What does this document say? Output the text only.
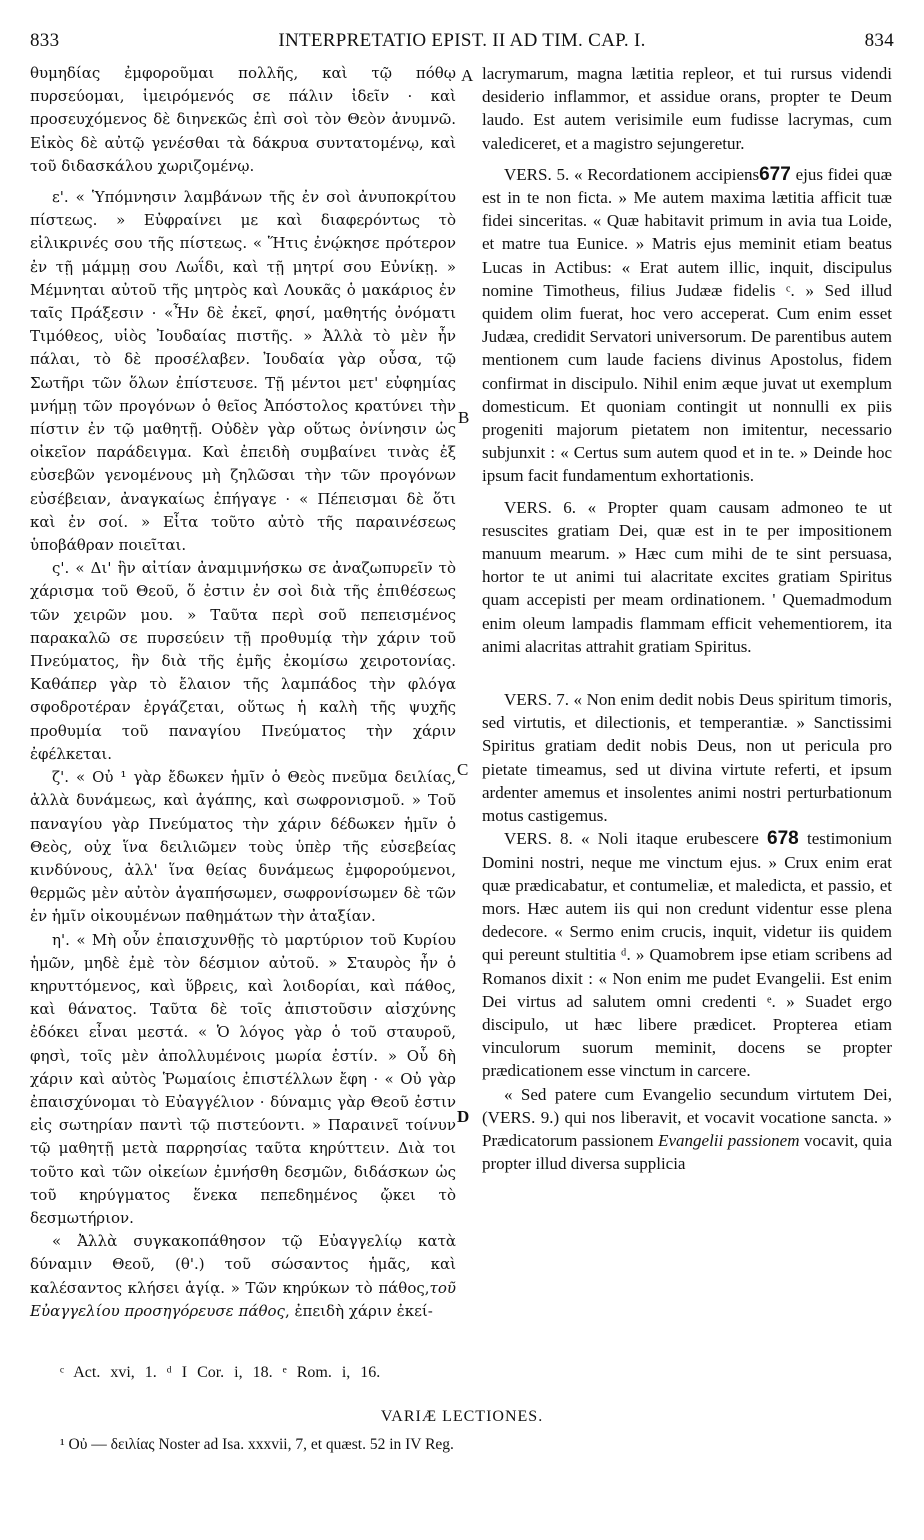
833	INTERPRETATIO EPIST. II AD TIM. CAP. I.	834

θυμηδίας ἐμφοροῦμαι πολλῆς, καὶ τῷ πόθῳ πυρσεύομαι, ἱμειρόμενός σε πάλιν ἰδεῖν · καὶ προσευχόμενος δὲ διηνεκῶς ἐπὶ σοὶ τὸν Θεὸν ἀνυμνῶ. Εἰκὸς δὲ αὐτῷ γενέσθαι τὰ δάκρυα συντατομένῳ, καὶ τοῦ διδασκάλου χωριζομένῳ.

ε'. « Ὑπόμνησιν λαμβάνων τῆς ἐν σοὶ ἀνυποκρίτου πίστεως. » Εὐφραίνει με καὶ διαφερόντως τὸ εἰλικρινές σου τῆς πίστεως. « Ἥτις ἐνῴκησε πρότερον ἐν τῇ μάμμῃ σου Λωΐδι, καὶ τῇ μητρί σου Εὐνίκῃ. » Μέμνηται αὐτοῦ τῆς μητρὸς καὶ Λουκᾶς ὁ μακάριος ἐν ταῖς Πράξεσιν · «Ἦν δὲ ἐκεῖ, φησί, μαθητής ὀνόματι Τιμόθεος, υἱὸς Ἰουδαίας πιστῆς. » Ἀλλὰ τὸ μὲν ἦν πάλαι, τὸ δὲ προσέλαβεν. Ἰουδαία γὰρ οὖσα, τῷ Σωτῆρι τῶν ὅλων ἐπίστευσε. Τῇ μέντοι μετ' εὐφημίας μνήμῃ τῶν προγόνων ὁ θεῖος Ἀπόστολος κρατύνει τὴν πίστιν ἐν τῷ μαθητῇ. Οὐδὲν γὰρ οὕτως ὀνίνησιν ὡς οἰκεῖον παράδειγμα. Καὶ ἐπειδὴ συμβαίνει τινὰς ἐξ εὐσεβῶν γενομένους μὴ ζηλῶσαι τὴν τῶν προγόνων εὐσέβειαν, ἀναγκαίως ἐπήγαγε · « Πέπεισμαι δὲ ὅτι καὶ ἐν σοί. » Εἶτα τοῦτο αὐτὸ τῆς παραινέσεως ὑποβάθραν ποιεῖται.

ς'. « Δι' ἣν αἰτίαν ἀναμιμνήσκω σε ἀναζωπυρεῖν τὸ χάρισμα τοῦ Θεοῦ, ὅ ἐστιν ἐν σοὶ διὰ τῆς ἐπιθέσεως τῶν χειρῶν μου. » Ταῦτα περὶ σοῦ πεπεισμένος παρακαλῶ σε πυρσεύειν τῇ προθυμίᾳ τὴν χάριν τοῦ Πνεύματος, ἣν διὰ τῆς ἐμῆς ἐκομίσω χειροτονίας. Καθάπερ γὰρ τὸ ἔλαιον τῆς λαμπάδος τὴν φλόγα σφοδροτέραν ἐργάζεται, οὕτως ἡ καλὴ τῆς ψυχῆς προθυμία τοῦ παναγίου Πνεύματος τὴν χάριν ἐφέλκεται.

ζ'. « Οὐ ¹ γὰρ ἔδωκεν ἡμῖν ὁ Θεὸς πνεῦμα δειλίας, ἀλλὰ δυνάμεως, καὶ ἀγάπης, καὶ σωφρονισμοῦ. » Τοῦ παναγίου γὰρ Πνεύματος τὴν χάριν δέδωκεν ἡμῖν ὁ Θεὸς, οὐχ ἵνα δειλιῶμεν τοὺς ὑπὲρ τῆς εὐσεβείας κινδύνους, ἀλλ' ἵνα θείας δυνάμεως ἐμφορούμενοι, θερμῶς μὲν αὐτὸν ἀγαπήσωμεν, σωφρονίσωμεν δὲ τῶν ἐν ἡμῖν οἰκουμένων παθημάτων τὴν ἀταξίαν.

η'. « Μὴ οὖν ἐπαισχυνθῇς τὸ μαρτύριον τοῦ Κυρίου ἡμῶν, μηδὲ ἐμὲ τὸν δέσμιον αὐτοῦ. » Σταυρὸς ἦν ὁ κηρυττόμενος, καὶ ὕβρεις, καὶ λοιδορίαι, καὶ πάθος, καὶ θάνατος. Ταῦτα δὲ τοῖς ἀπιστοῦσιν αἰσχύνης ἐδόκει εἶναι μεστά. « Ὁ λόγος γὰρ ὁ τοῦ σταυροῦ, φησὶ, τοῖς μὲν ἀπολλυμένοις μωρία ἐστίν. » Οὗ δὴ χάριν καὶ αὐτὸς Ῥωμαίοις ἐπιστέλλων ἔφη · « Οὐ γὰρ ἐπαισχύνομαι τὸ Εὐαγγέλιον · δύναμις γὰρ Θεοῦ ἐστιν εἰς σωτηρίαν παντὶ τῷ πιστεύοντι. » Παραινεῖ τοίνυν τῷ μαθητῇ μετὰ παρρησίας ταῦτα κηρύττειν. Διὰ τοι τοῦτο καὶ τῶν οἰκείων ἐμνήσθη δεσμῶν, διδάσκων ὡς τοῦ κηρύγματος ἕνεκα πεπεδημένος ᾤκει τὸ δεσμωτήριον.

« Ἀλλὰ συγκακοπάθησον τῷ Εὐαγγελίῳ κατὰ δύναμιν Θεοῦ, (θ'.) τοῦ σώσαντος ἡμᾶς, καὶ καλέσαντος κλήσει ἁγίᾳ. » Τῶν κηρύκων τὸ πάθος,τοῦ Εὐαγγελίου προσηγόρευσε πάθος, ἐπειδὴ χάριν ἐκεί-

A
B
C
D

lacrymarum, magna lætitia repleor, et tui rursus videndi desiderio inflammor, et assidue orans, propter te Deum laudo. Est autem verisimile eum fudisse lacrymas, cum valediceret, et a magistro sejungeretur.

VERS. 5. « Recordationem accipiens677 ejus fidei quæ est in te non ficta. » Me autem maxima lætitia afficit tuæ fidei sinceritas. « Quæ habitavit primum in avia tua Loide, et matre tua Eunice. » Matris ejus meminit etiam beatus Lucas in Actibus: « Erat autem illic, inquit, discipulus nomine Timotheus, filius Judææ fidelis ᶜ. » Sed illud quidem olim fuerat, hoc vero acceperat. Cum enim esset Judæa, credidit Servatori universorum. De parentibus autem mentionem cum laude faciens divinus Apostolus, fidem confirmat in discipulo. Nihil enim æque juvat ut exemplum domesticum. Et quoniam contingit ut nonnulli ex piis progeniti majorum pietatem non imitentur, necessario subjunxit : « Certus sum autem quod et in te. » Deinde hoc ipsum facit fundamentum exhortationis.

VERS. 6. « Propter quam causam admoneo te ut resuscites gratiam Dei, quæ est in te per impositionem manuum mearum. » Hæc cum mihi de te sint persuasa, hortor te ut animi tui alacritate excites gratiam Spiritus quam accepisti per meam ordinationem. ' Quemadmodum enim oleum lampadis flammam efficit vehementiorem, ita animi alacritas attrahit gratiam Spiritus.

VERS. 7. « Non enim dedit nobis Deus spiritum timoris, sed virtutis, et dilectionis, et temperantiæ. » Sanctissimi Spiritus gratiam dedit nobis Deus, non ut pericula pro pietate timeamus, sed ut divina virtute referti, et ipsum ardenter amemus et insolentes animi nostri perturbationum motus castigemus.

VERS. 8. « Noli itaque erubescere 678 testimonium Domini nostri, neque me vinctum ejus. » Crux enim erat quæ prædicabatur, et contumeliæ, et maledicta, et passio, et mors. Hæc autem iis qui non credunt videntur esse plena dedecore. « Sermo enim crucis, inquit, videtur iis quidem qui pereunt stultitia ᵈ. » Quamobrem ipse etiam scribens ad Romanos dixit : « Non enim me pudet Evangelii. Est enim Dei virtus ad salutem omni credenti ᵉ. » Suadet ergo discipulo, ut hæc libere prædicet. Propterea etiam vinculorum suorum meminit, docens se propter prædicationem esse vinctum in carcere.

« Sed patere cum Evangelio secundum virtutem Dei, (VERS. 9.) qui nos liberavit, et vocavit vocatione sancta. » Prædicatorum passionem Evangelii passionem vocavit, quia propter illud diversa supplicia

ᶜ Act. xvi, 1. ᵈ I Cor. i, 18. ᵉ Rom. i, 16.
VARIÆ LECTIONES.
¹ Οὐ — δειλίας Noster ad Isa. xxxvii, 7, et quæst. 52 in IV Reg.
